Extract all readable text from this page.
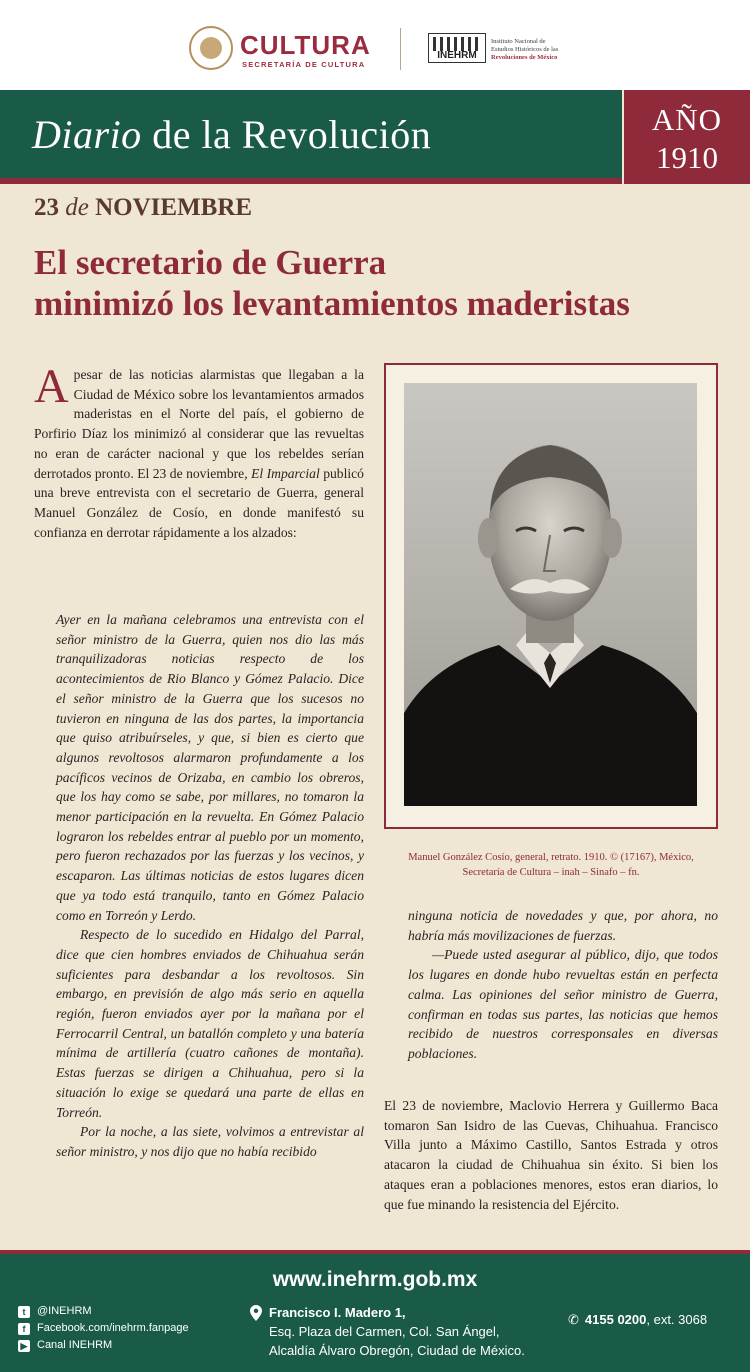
CULTURA
SECRETARÍA DE CULTURA
INEHRM
Instituto Nacional de
Estudios Históricos de las
Revoluciones de México
Diario de la Revolución	AÑO
1910
23 de NOVIEMBRE
El secretario de Guerra
minimizó los levantamientos maderistas
Apesar de las noticias alarmistas que llegaban a la Ciudad de México sobre los levantamientos armados maderistas en el Norte del país, el gobierno de Porfirio Díaz los minimizó al considerar que las revueltas no eran de carácter nacional y que los rebeldes serían derrotados pronto. El 23 de noviembre, El Imparcial publicó una breve entrevista con el secretario de Guerra, general Manuel González de Cosío, en donde manifestó su confianza en derrotar rápidamente a los alzados:

Ayer en la mañana celebramos una entrevista con el señor ministro de la Guerra, quien nos dio las más tranquilizadoras noticias respecto de los acontecimientos de Rio Blanco y Gómez Palacio. Dice el señor ministro de la Guerra que los sucesos no tuvieron en ninguna de las dos partes, la importancia que quiso atribuírseles, y que, si bien es cierto que algunos revoltosos alarmaron profundamente a los pacíficos vecinos de Orizaba, en cambio los obreros, que los hay como se sabe, por millares, no tomaron la menor participación en la revuelta. En Gómez Palacio lograron los rebeldes entrar al pueblo por un momento, pero fueron rechazados por las fuerzas y los vecinos, y escaparon. Las últimas noticias de estos lugares dicen que ya todo está tranquilo, tanto en Gómez Palacio como en Torreón y Lerdo.

Respecto de lo sucedido en Hidalgo del Parral, dice que cien hombres enviados de Chihuahua serán suficientes para desbandar a los revoltosos. Sin embargo, en previsión de algo más serio en aquella región, fueron enviados ayer por la mañana por el Ferrocarril Central, un batallón completo y una batería mínima de artillería (cuatro cañones de montaña). Estas fuerzas se dirigen a Chihuahua, pero si la situación lo exige se quedará una parte de ellas en Torreón.

Por la noche, a las siete, volvimos a entrevistar al señor ministro, y nos dijo que no había recibido

Manuel González Cosío, general, retrato. 1910. © (17167), México,
Secretaría de Cultura – inah – Sinafo – fn.

ninguna noticia de novedades y que, por ahora, no habría más movilizaciones de fuerzas.

—Puede usted asegurar al público, dijo, que todos los lugares en donde hubo revueltas están en perfecta calma. Las opiniones del señor ministro de Guerra, confirman en todas sus partes, las noticias que hemos recibido de nuestros corresponsales en diversas poblaciones.

El 23 de noviembre, Maclovio Herrera y Guillermo Baca tomaron San Isidro de las Cuevas, Chihuahua. Francisco Villa junto a Máximo Castillo, Santos Estrada y otros atacaron la ciudad de Chihuahua sin éxito. Si bien los ataques eran a poblaciones menores, estos eran diarios, lo que fue minando la resistencia del Ejército.

www.inehrm.gob.mx
t	@INEHRM
f	Facebook.com/inehrm.fanpage
▶ Canal INEHRM
Francisco I. Madero 1,
Esq. Plaza del Carmen, Col. San Ángel,
Alcaldía Álvaro Obregón, Ciudad de México.
✆ 4155 0200, ext. 3068
